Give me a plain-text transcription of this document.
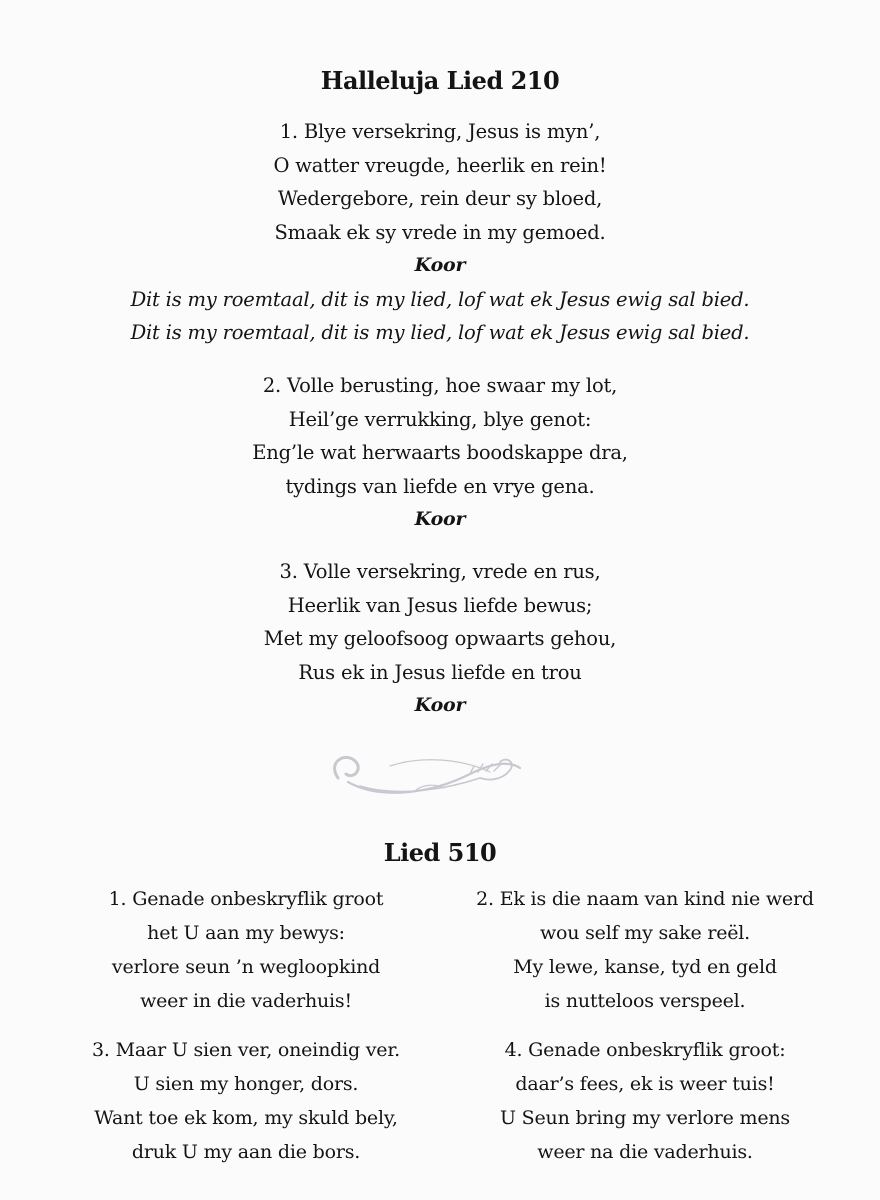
Halleluja Lied 210

1. Blye versekring, Jesus is myn’,

O watter vreugde, heerlik en rein!

Wedergebore, rein deur sy bloed,

Smaak ek sy vrede in my gemoed.

Koor

Dit is my roemtaal, dit is my lied, lof wat ek Jesus ewig sal bied.

Dit is my roemtaal, dit is my lied, lof wat ek Jesus ewig sal bied.

2. Volle berusting, hoe swaar my lot,

Heil’ge verrukking, blye genot:

Eng’le wat herwaarts boodskappe dra,

tydings van liefde en vrye gena.

Koor

3. Volle versekring, vrede en rus,

Heerlik van Jesus liefde bewus;

Met my geloofsoog opwaarts gehou,

Rus ek in Jesus liefde en trou

Koor

Lied 510

1. Genade onbeskryflik groot

het U aan my bewys:

verlore seun ’n wegloopkind

weer in die vaderhuis!

2. Ek is die naam van kind nie werd

wou self my sake reël.

My lewe, kanse, tyd en geld

is nutteloos verspeel.

3. Maar U sien ver, oneindig ver.

U sien my honger, dors.

Want toe ek kom, my skuld bely,

druk U my aan die bors.

4. Genade onbeskryflik groot:

daar’s fees, ek is weer tuis!

U Seun bring my verlore mens

weer na die vaderhuis.
